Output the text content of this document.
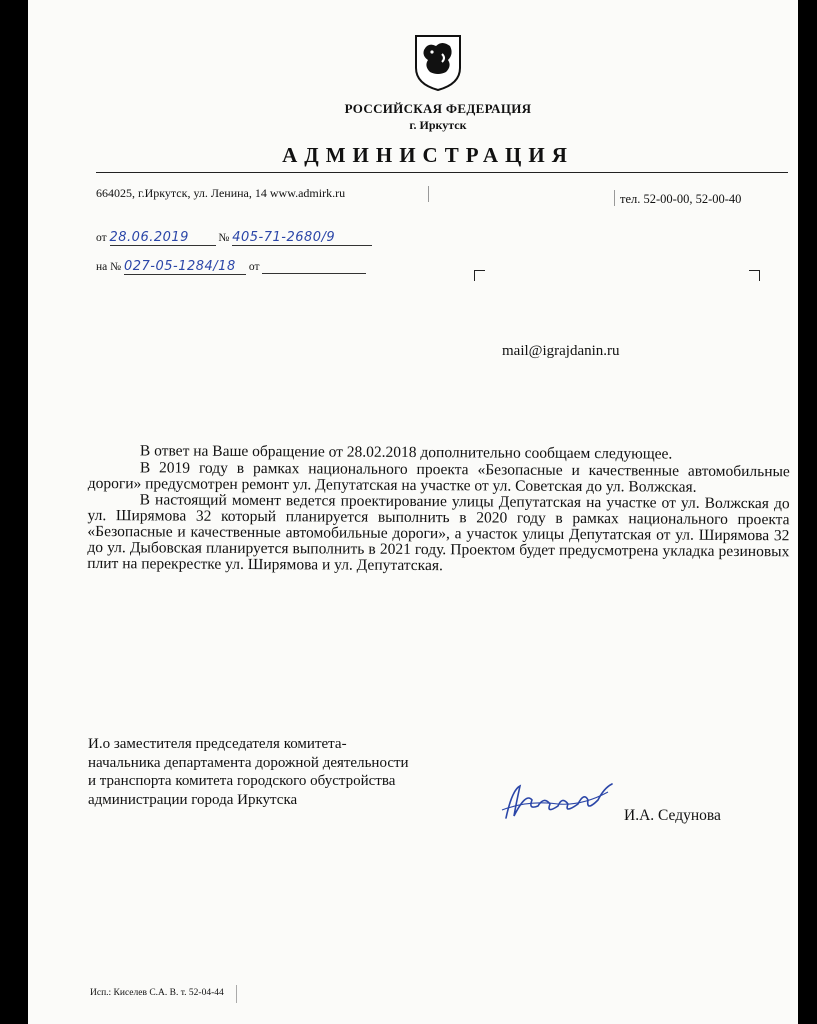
РОССИЙСКАЯ ФЕДЕРАЦИЯ
г. Иркутск
АДМИНИСТРАЦИЯ
664025, г.Иркутск, ул. Ленина, 14 www.admirk.ru	тел. 52-00-00, 52-00-40
от 28.06.2019	№ 405-71-2680/9
на № 027-05-1284/18 от
mail@igrajdanin.ru

В ответ на Ваше обращение от 28.02.2018 дополнительно сообщаем следующее.

В 2019 году в рамках национального проекта «Безопасные и качественные автомобильные дороги» предусмотрен ремонт ул. Депутатская на участке от ул. Советская до ул. Волжская.

В настоящий момент ведется проектирование улицы Депутатская на участке от ул. Волжская до ул. Ширямова 32 который планируется выполнить в 2020 году в рамках национального проекта «Безопасные и качественные автомобильные дороги», а участок улицы Депутатская от ул. Ширямова 32 до ул. Дыбовская планируется выполнить в 2021 году. Проектом будет предусмотрена укладка резиновых плит на перекрестке ул. Ширямова и ул. Депутатская.

И.о заместителя председателя комитета-
начальника департамента дорожной деятельности
и транспорта комитета городского обустройства
администрации города Иркутска
И.А. Седунова
Исп.: Киселев С.А. В. т. 52-04-44
